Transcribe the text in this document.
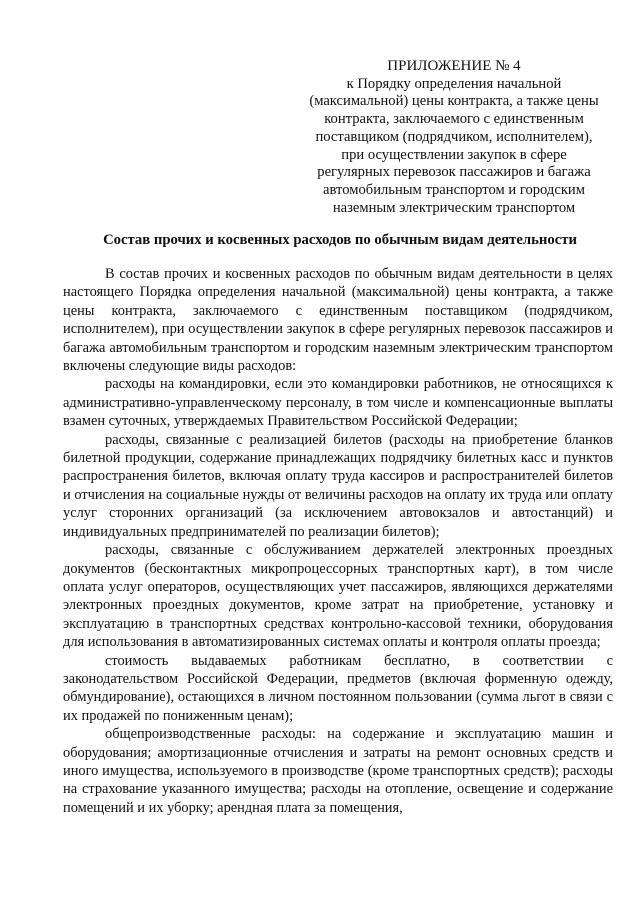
ПРИЛОЖЕНИЕ № 4
к Порядку определения начальной
(максимальной) цены контракта, а также цены
контракта, заключаемого с единственным
поставщиком (подрядчиком, исполнителем),
при осуществлении закупок в сфере
регулярных перевозок пассажиров и багажа
автомобильным транспортом и городским
наземным электрическим транспортом
Состав прочих и косвенных расходов по обычным видам деятельности

В состав прочих и косвенных расходов по обычным видам деятельности в целях настоящего Порядка определения начальной (максимальной) цены контракта, а также цены контракта, заключаемого с единственным поставщиком (подрядчиком, исполнителем), при осуществлении закупок в сфере регулярных перевозок пассажиров и багажа автомобильным транспортом и городским наземным электрическим транспортом включены следующие виды расходов:

расходы на командировки, если это командировки работников, не относящихся к административно-управленческому персоналу, в том числе и компенсационные выплаты взамен суточных, утверждаемых Правительством Российской Федерации;

расходы, связанные с реализацией билетов (расходы на приобретение бланков билетной продукции, содержание принадлежащих подрядчику билетных касс и пунктов распространения билетов, включая оплату труда кассиров и распространителей билетов и отчисления на социальные нужды от величины расходов на оплату их труда или оплату услуг сторонних организаций (за исключением автовокзалов и автостанций) и индивидуальных предпринимателей по реализации билетов);

расходы, связанные с обслуживанием держателей электронных проездных документов (бесконтактных микропроцессорных транспортных карт), в том числе оплата услуг операторов, осуществляющих учет пассажиров, являющихся держателями электронных проездных документов, кроме затрат на приобретение, установку и эксплуатацию в транспортных средствах контрольно-кассовой техники, оборудования для использования в автоматизированных системах оплаты и контроля оплаты проезда;

стоимость выдаваемых работникам бесплатно, в соответствии с законодательством Российской Федерации, предметов (включая форменную одежду, обмундирование), остающихся в личном постоянном пользовании (сумма льгот в связи с их продажей по пониженным ценам);

общепроизводственные расходы: на содержание и эксплуатацию машин и оборудования; амортизационные отчисления и затраты на ремонт основных средств и иного имущества, используемого в производстве (кроме транспортных средств); расходы на страхование указанного имущества; расходы на отопление, освещение и содержание помещений и их уборку; арендная плата за помещения,
